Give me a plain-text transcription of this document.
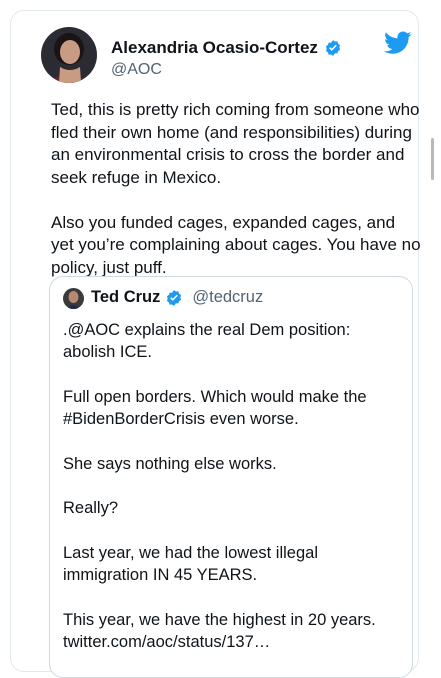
Alexandria Ocasio-Cortez
@AOC
Ted, this is pretty rich coming from someone who fled their own home (and responsibilities) during an environmental crisis to cross the border and seek refuge in Mexico.

Also you funded cages, expanded cages, and yet you’re complaining about cages. You have no policy, just puff.
Ted Cruz @tedcruz
.@AOC explains the real Dem position: abolish ICE.

Full open borders. Which would make the #BidenBorderCrisis even worse.

She says nothing else works.

Really?

Last year, we had the lowest illegal immigration IN 45 YEARS.

This year, we have the highest in 20 years. twitter.com/aoc/status/137…
